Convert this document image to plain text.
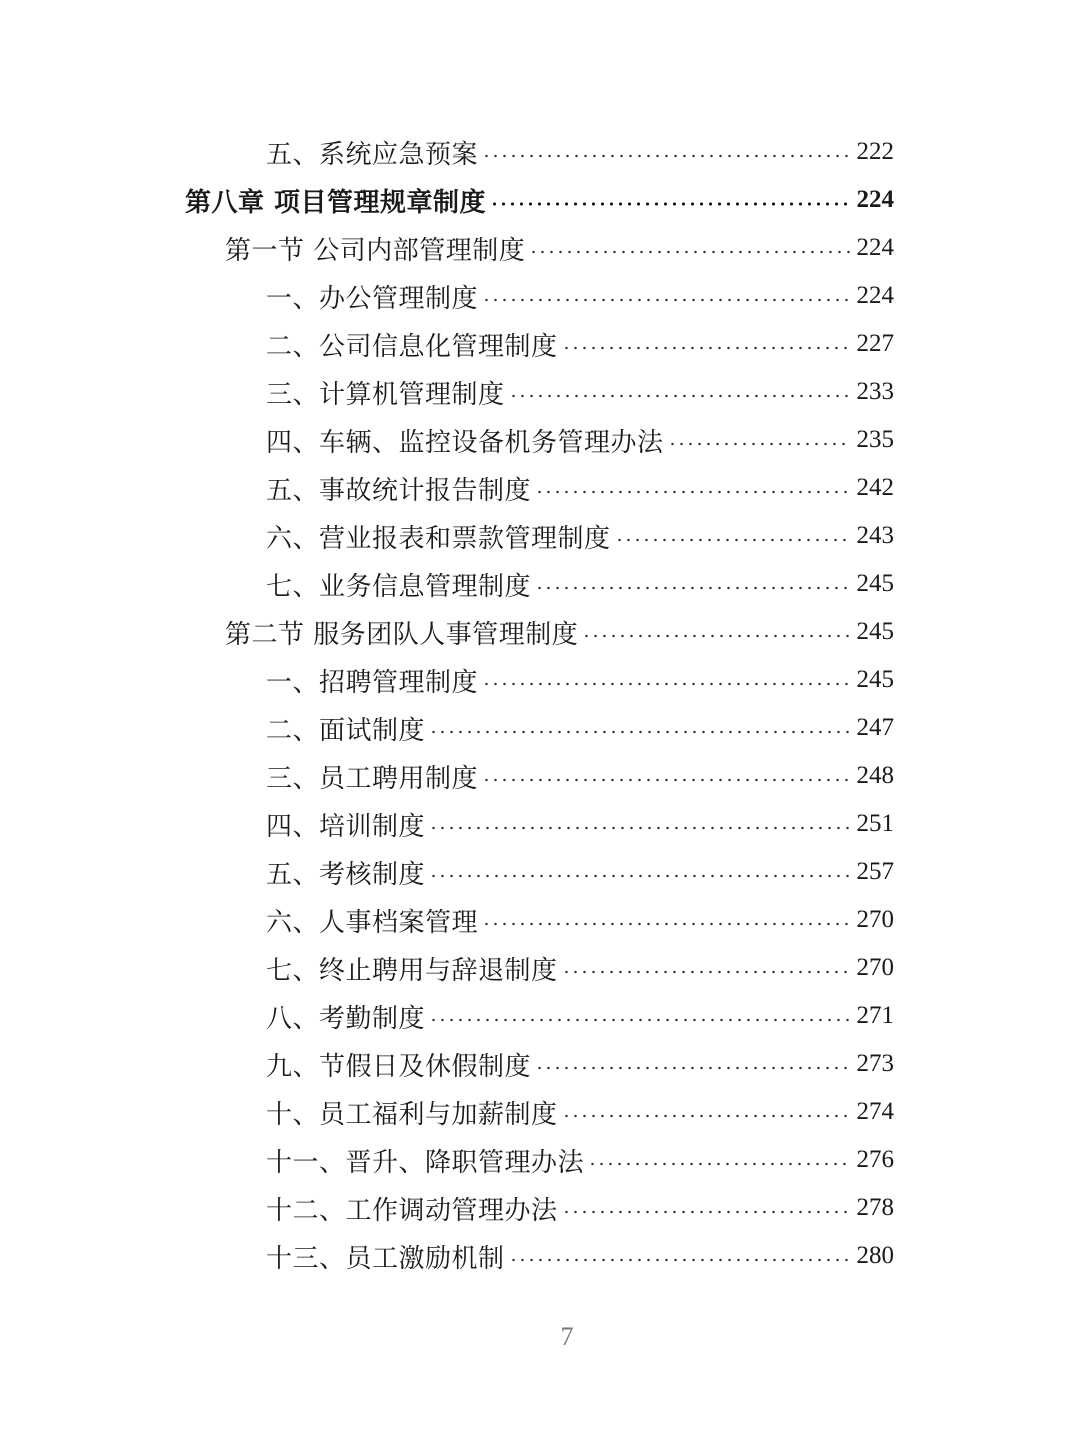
五、系统应急预案	222
第八章 项目管理规章制度	224
第一节 公司内部管理制度	224
一、办公管理制度	224
二、公司信息化管理制度	227
三、计算机管理制度	233
四、车辆、监控设备机务管理办法	235
五、事故统计报告制度	242
六、营业报表和票款管理制度	243
七、业务信息管理制度	245
第二节 服务团队人事管理制度	245
一、招聘管理制度	245
二、面试制度	247
三、员工聘用制度	248
四、培训制度	251
五、考核制度	257
六、人事档案管理	270
七、终止聘用与辞退制度	270
八、考勤制度	271
九、节假日及休假制度	273
十、员工福利与加薪制度	274
十一、晋升、降职管理办法	276
十二、工作调动管理办法	278
十三、员工激励机制	280
7
